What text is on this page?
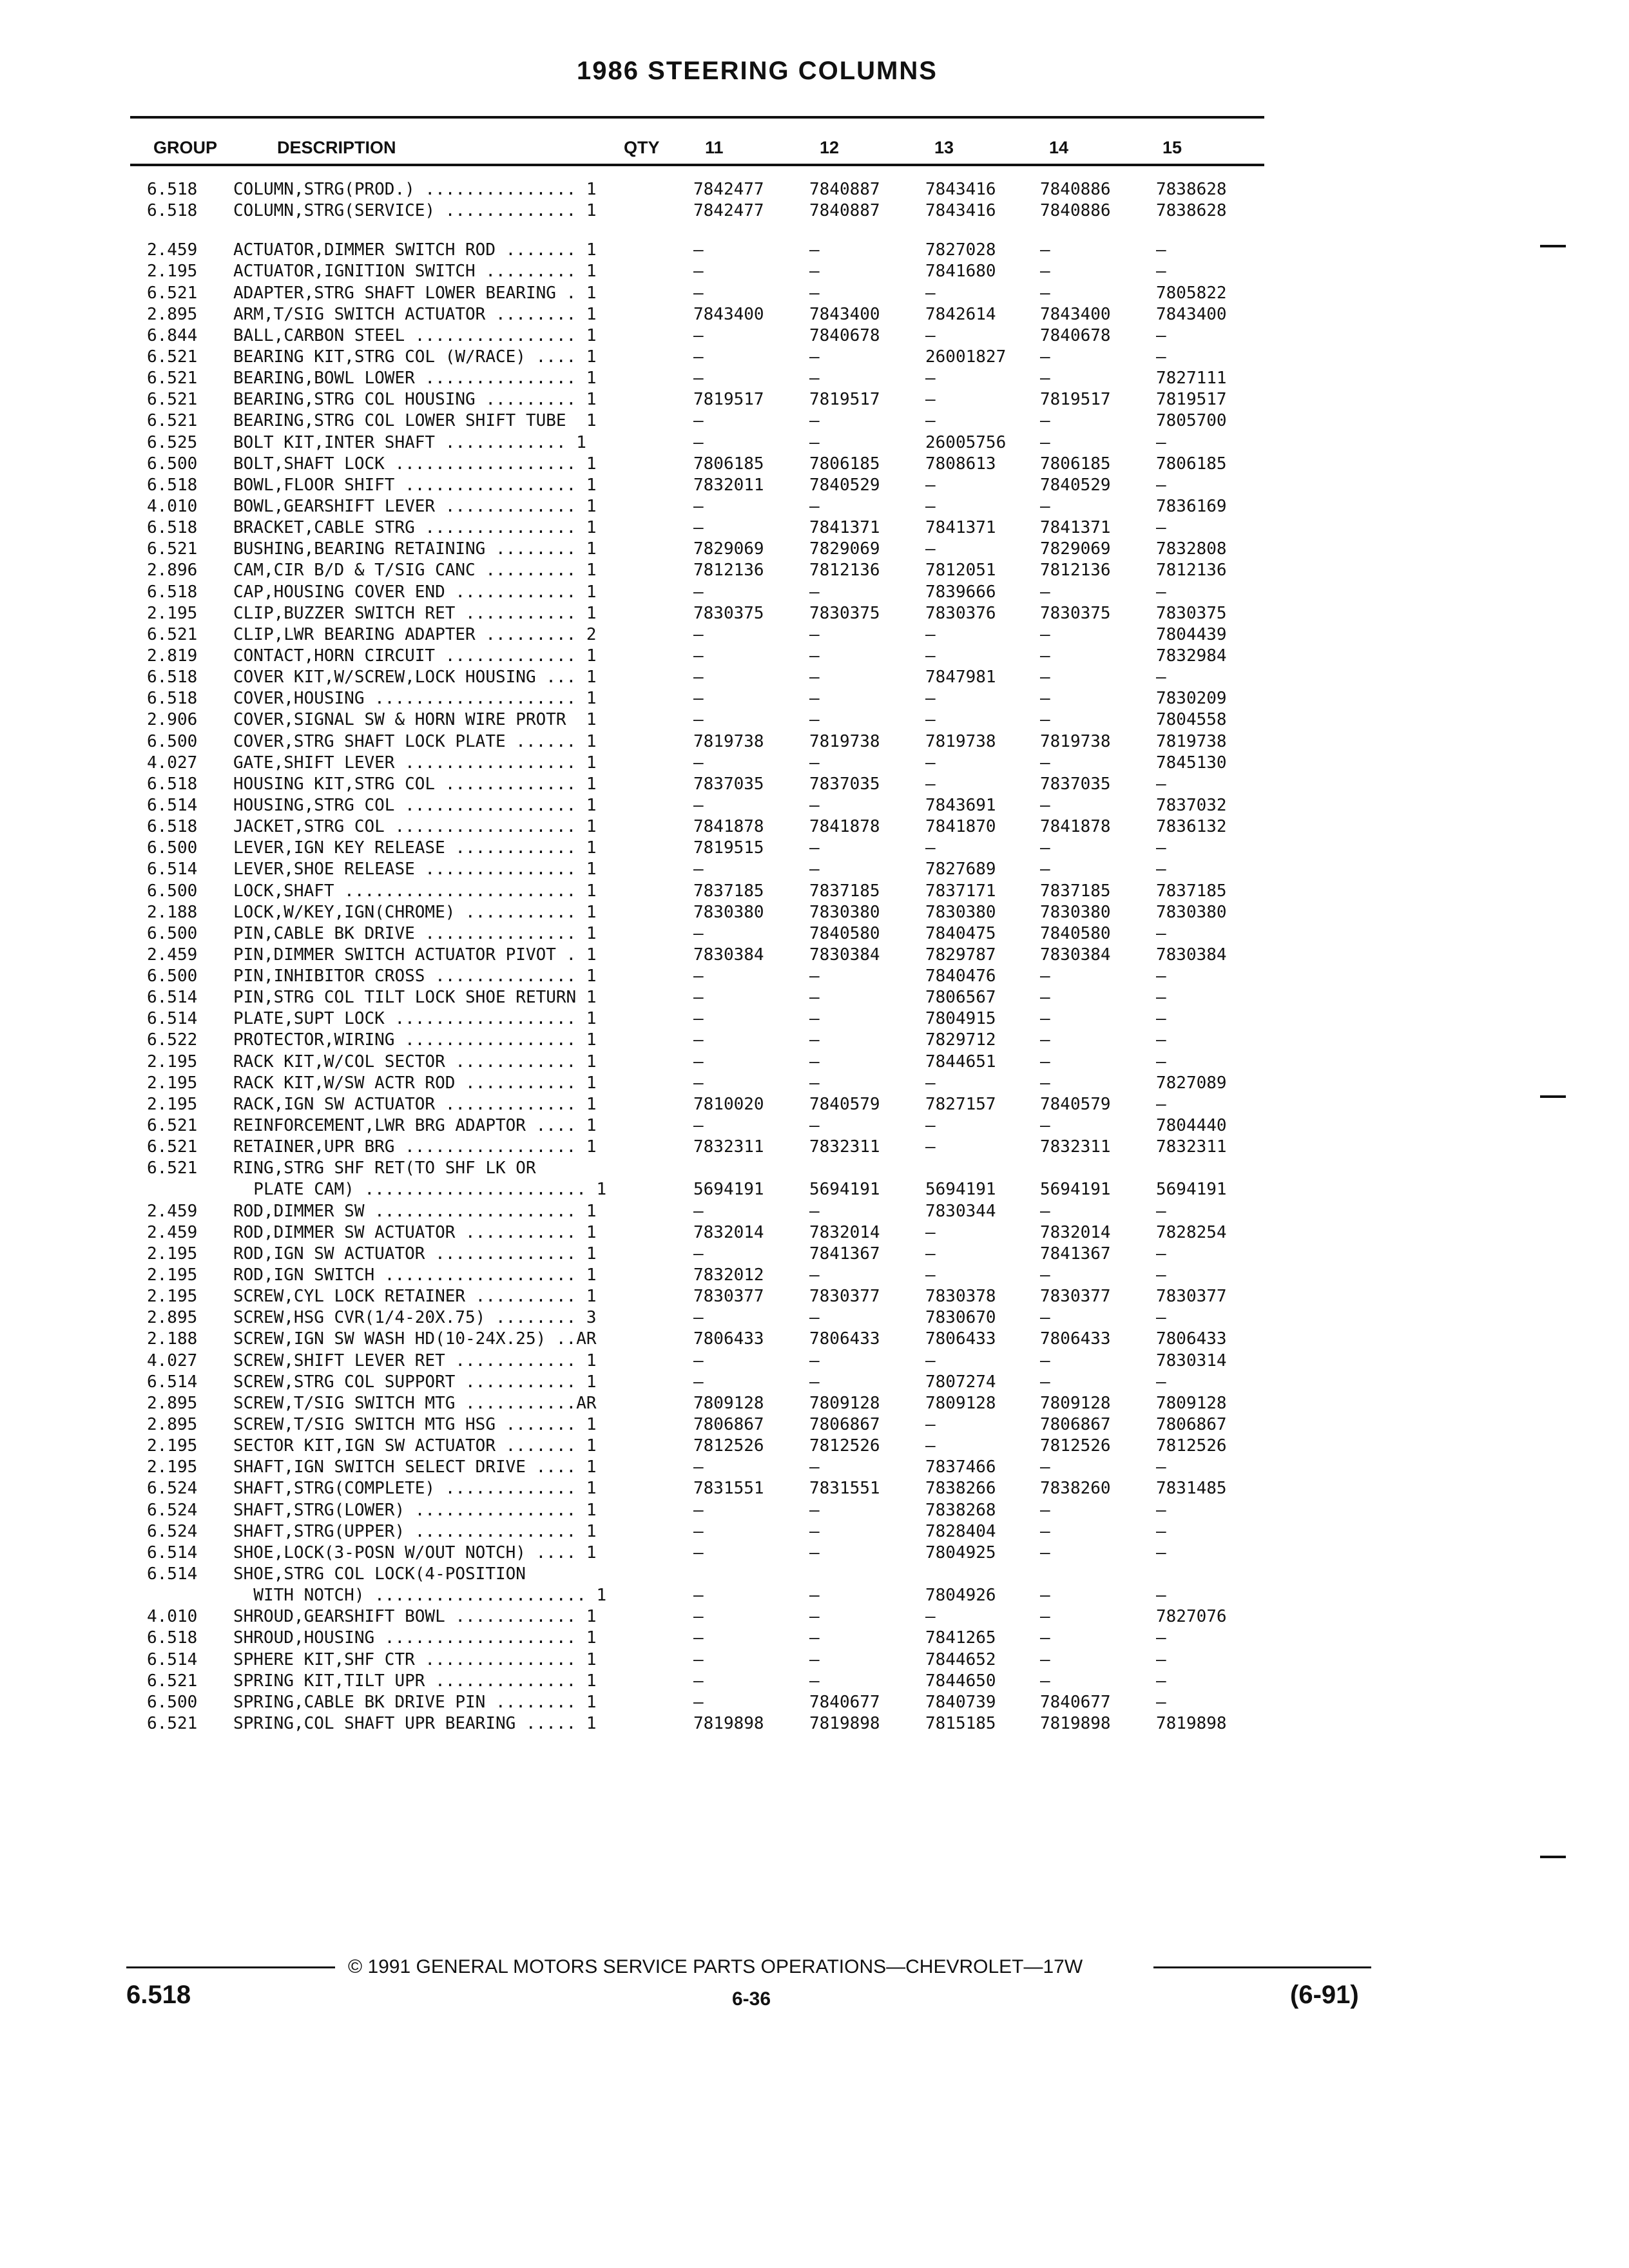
1986 STEERING COLUMNS
GROUP	DESCRIPTION	QTY	11	12	13	14	15
6.518 COLUMN,STRG(PROD.) ............... 1	7842477	7840887	7843416	7840886	7838628
6.518 COLUMN,STRG(SERVICE) ............. 1	7842477	7840887	7843416	7840886	7838628
2.459 ACTUATOR,DIMMER SWITCH ROD ....... 1	—	—	7827028	—	—
2.195 ACTUATOR,IGNITION SWITCH ......... 1	—	—	7841680	—	—
6.521 ADAPTER,STRG SHAFT LOWER BEARING . 1	—	—	—	—	7805822
2.895 ARM,T/SIG SWITCH ACTUATOR ........ 1	7843400	7843400	7842614	7843400	7843400
6.844 BALL,CARBON STEEL ................ 1	—	7840678	—	7840678	—
6.521 BEARING KIT,STRG COL (W/RACE) .... 1	—	—	26001827 —	—
6.521 BEARING,BOWL LOWER ............... 1	—	—	—	—	7827111
6.521 BEARING,STRG COL HOUSING ......... 1	7819517	7819517	—	7819517	7819517
6.521 BEARING,STRG COL LOWER SHIFT TUBE  1	—	—	—	—	7805700
6.525 BOLT KIT,INTER SHAFT ............ 1	—	—	26005756 —	—
6.500 BOLT,SHAFT LOCK .................. 1	7806185	7806185	7808613	7806185	7806185
6.518 BOWL,FLOOR SHIFT ................. 1	7832011	7840529	—	7840529	—
4.010 BOWL,GEARSHIFT LEVER ............. 1	—	—	—	—	7836169
6.518 BRACKET,CABLE STRG ............... 1	—	7841371	7841371	7841371	—
6.521 BUSHING,BEARING RETAINING ........ 1	7829069	7829069	—	7829069	7832808
2.896 CAM,CIR B/D & T/SIG CANC ......... 1	7812136	7812136	7812051	7812136	7812136
6.518 CAP,HOUSING COVER END ............ 1	—	—	7839666	—	—
2.195 CLIP,BUZZER SWITCH RET ........... 1	7830375	7830375	7830376	7830375	7830375
6.521 CLIP,LWR BEARING ADAPTER ......... 2	—	—	—	—	7804439
2.819 CONTACT,HORN CIRCUIT ............. 1	—	—	—	—	7832984
6.518 COVER KIT,W/SCREW,LOCK HOUSING ... 1	—	—	7847981	—	—
6.518 COVER,HOUSING .................... 1	—	—	—	—	7830209
2.906 COVER,SIGNAL SW & HORN WIRE PROTR  1	—	—	—	—	7804558
6.500 COVER,STRG SHAFT LOCK PLATE ...... 1	7819738	7819738	7819738	7819738	7819738
4.027 GATE,SHIFT LEVER ................. 1	—	—	—	—	7845130
6.518 HOUSING KIT,STRG COL ............. 1	7837035	7837035	—	7837035	—
6.514 HOUSING,STRG COL ................. 1	—	—	7843691	—	7837032
6.518 JACKET,STRG COL .................. 1	7841878	7841878	7841870	7841878	7836132
6.500 LEVER,IGN KEY RELEASE ............ 1	7819515	—	—	—	—
6.514 LEVER,SHOE RELEASE ............... 1	—	—	7827689	—	—
6.500 LOCK,SHAFT ....................... 1	7837185	7837185	7837171	7837185	7837185
2.188 LOCK,W/KEY,IGN(CHROME) ........... 1	7830380	7830380	7830380	7830380	7830380
6.500 PIN,CABLE BK DRIVE ............... 1	—	7840580	7840475	7840580	—
2.459 PIN,DIMMER SWITCH ACTUATOR PIVOT . 1	7830384	7830384	7829787	7830384	7830384
6.500 PIN,INHIBITOR CROSS .............. 1	—	—	7840476	—	—
6.514 PIN,STRG COL TILT LOCK SHOE RETURN 1	—	—	7806567	—	—
6.514 PLATE,SUPT LOCK .................. 1	—	—	7804915	—	—
6.522 PROTECTOR,WIRING ................. 1	—	—	7829712	—	—
2.195 RACK KIT,W/COL SECTOR ............ 1	—	—	7844651	—	—
2.195 RACK KIT,W/SW ACTR ROD ........... 1	—	—	—	—	7827089
2.195 RACK,IGN SW ACTUATOR ............. 1	7810020	7840579	7827157	7840579	—
6.521 REINFORCEMENT,LWR BRG ADAPTOR .... 1	—	—	—	—	7804440
6.521 RETAINER,UPR BRG ................. 1	7832311	7832311	—	7832311	7832311
6.521 RING,STRG SHF RET(TO SHF LK OR
PLATE CAM) ...................... 1	5694191	5694191	5694191	5694191	5694191
2.459 ROD,DIMMER SW .................... 1	—	—	7830344	—	—
2.459 ROD,DIMMER SW ACTUATOR ........... 1	7832014	7832014	—	7832014	7828254
2.195 ROD,IGN SW ACTUATOR .............. 1	—	7841367	—	7841367	—
2.195 ROD,IGN SWITCH ................... 1	7832012	—	—	—	—
2.195 SCREW,CYL LOCK RETAINER .......... 1	7830377	7830377	7830378	7830377	7830377
2.895 SCREW,HSG CVR(1/4-20X.75) ........ 3	—	—	7830670	—	—
2.188 SCREW,IGN SW WASH HD(10-24X.25) ..AR	7806433	7806433	7806433	7806433	7806433
4.027 SCREW,SHIFT LEVER RET ............ 1	—	—	—	—	7830314
6.514 SCREW,STRG COL SUPPORT ........... 1	—	—	7807274	—	—
2.895 SCREW,T/SIG SWITCH MTG ...........AR	7809128	7809128	7809128	7809128	7809128
2.895 SCREW,T/SIG SWITCH MTG HSG ....... 1	7806867	7806867	—	7806867	7806867
2.195 SECTOR KIT,IGN SW ACTUATOR ....... 1	7812526	7812526	—	7812526	7812526
2.195 SHAFT,IGN SWITCH SELECT DRIVE .... 1	—	—	7837466	—	—
6.524 SHAFT,STRG(COMPLETE) ............. 1	7831551	7831551	7838266	7838260	7831485
6.524 SHAFT,STRG(LOWER) ................ 1	—	—	7838268	—	—
6.524 SHAFT,STRG(UPPER) ................ 1	—	—	7828404	—	—
6.514 SHOE,LOCK(3-POSN W/OUT NOTCH) .... 1	—	—	7804925	—	—
6.514 SHOE,STRG COL LOCK(4-POSITION
WITH NOTCH) ..................... 1	—	—	7804926	—	—
4.010 SHROUD,GEARSHIFT BOWL ............ 1	—	—	—	—	7827076
6.518 SHROUD,HOUSING ................... 1	—	—	7841265	—	—
6.514 SPHERE KIT,SHF CTR ............... 1	—	—	7844652	—	—
6.521 SPRING KIT,TILT UPR .............. 1	—	—	7844650	—	—
6.500 SPRING,CABLE BK DRIVE PIN ........ 1	—	7840677	7840739	7840677	—
6.521 SPRING,COL SHAFT UPR BEARING ..... 1	7819898	7819898	7815185	7819898	7819898
© 1991 GENERAL MOTORS SERVICE PARTS OPERATIONS—CHEVROLET—17W
6.518	6-36	(6-91)
